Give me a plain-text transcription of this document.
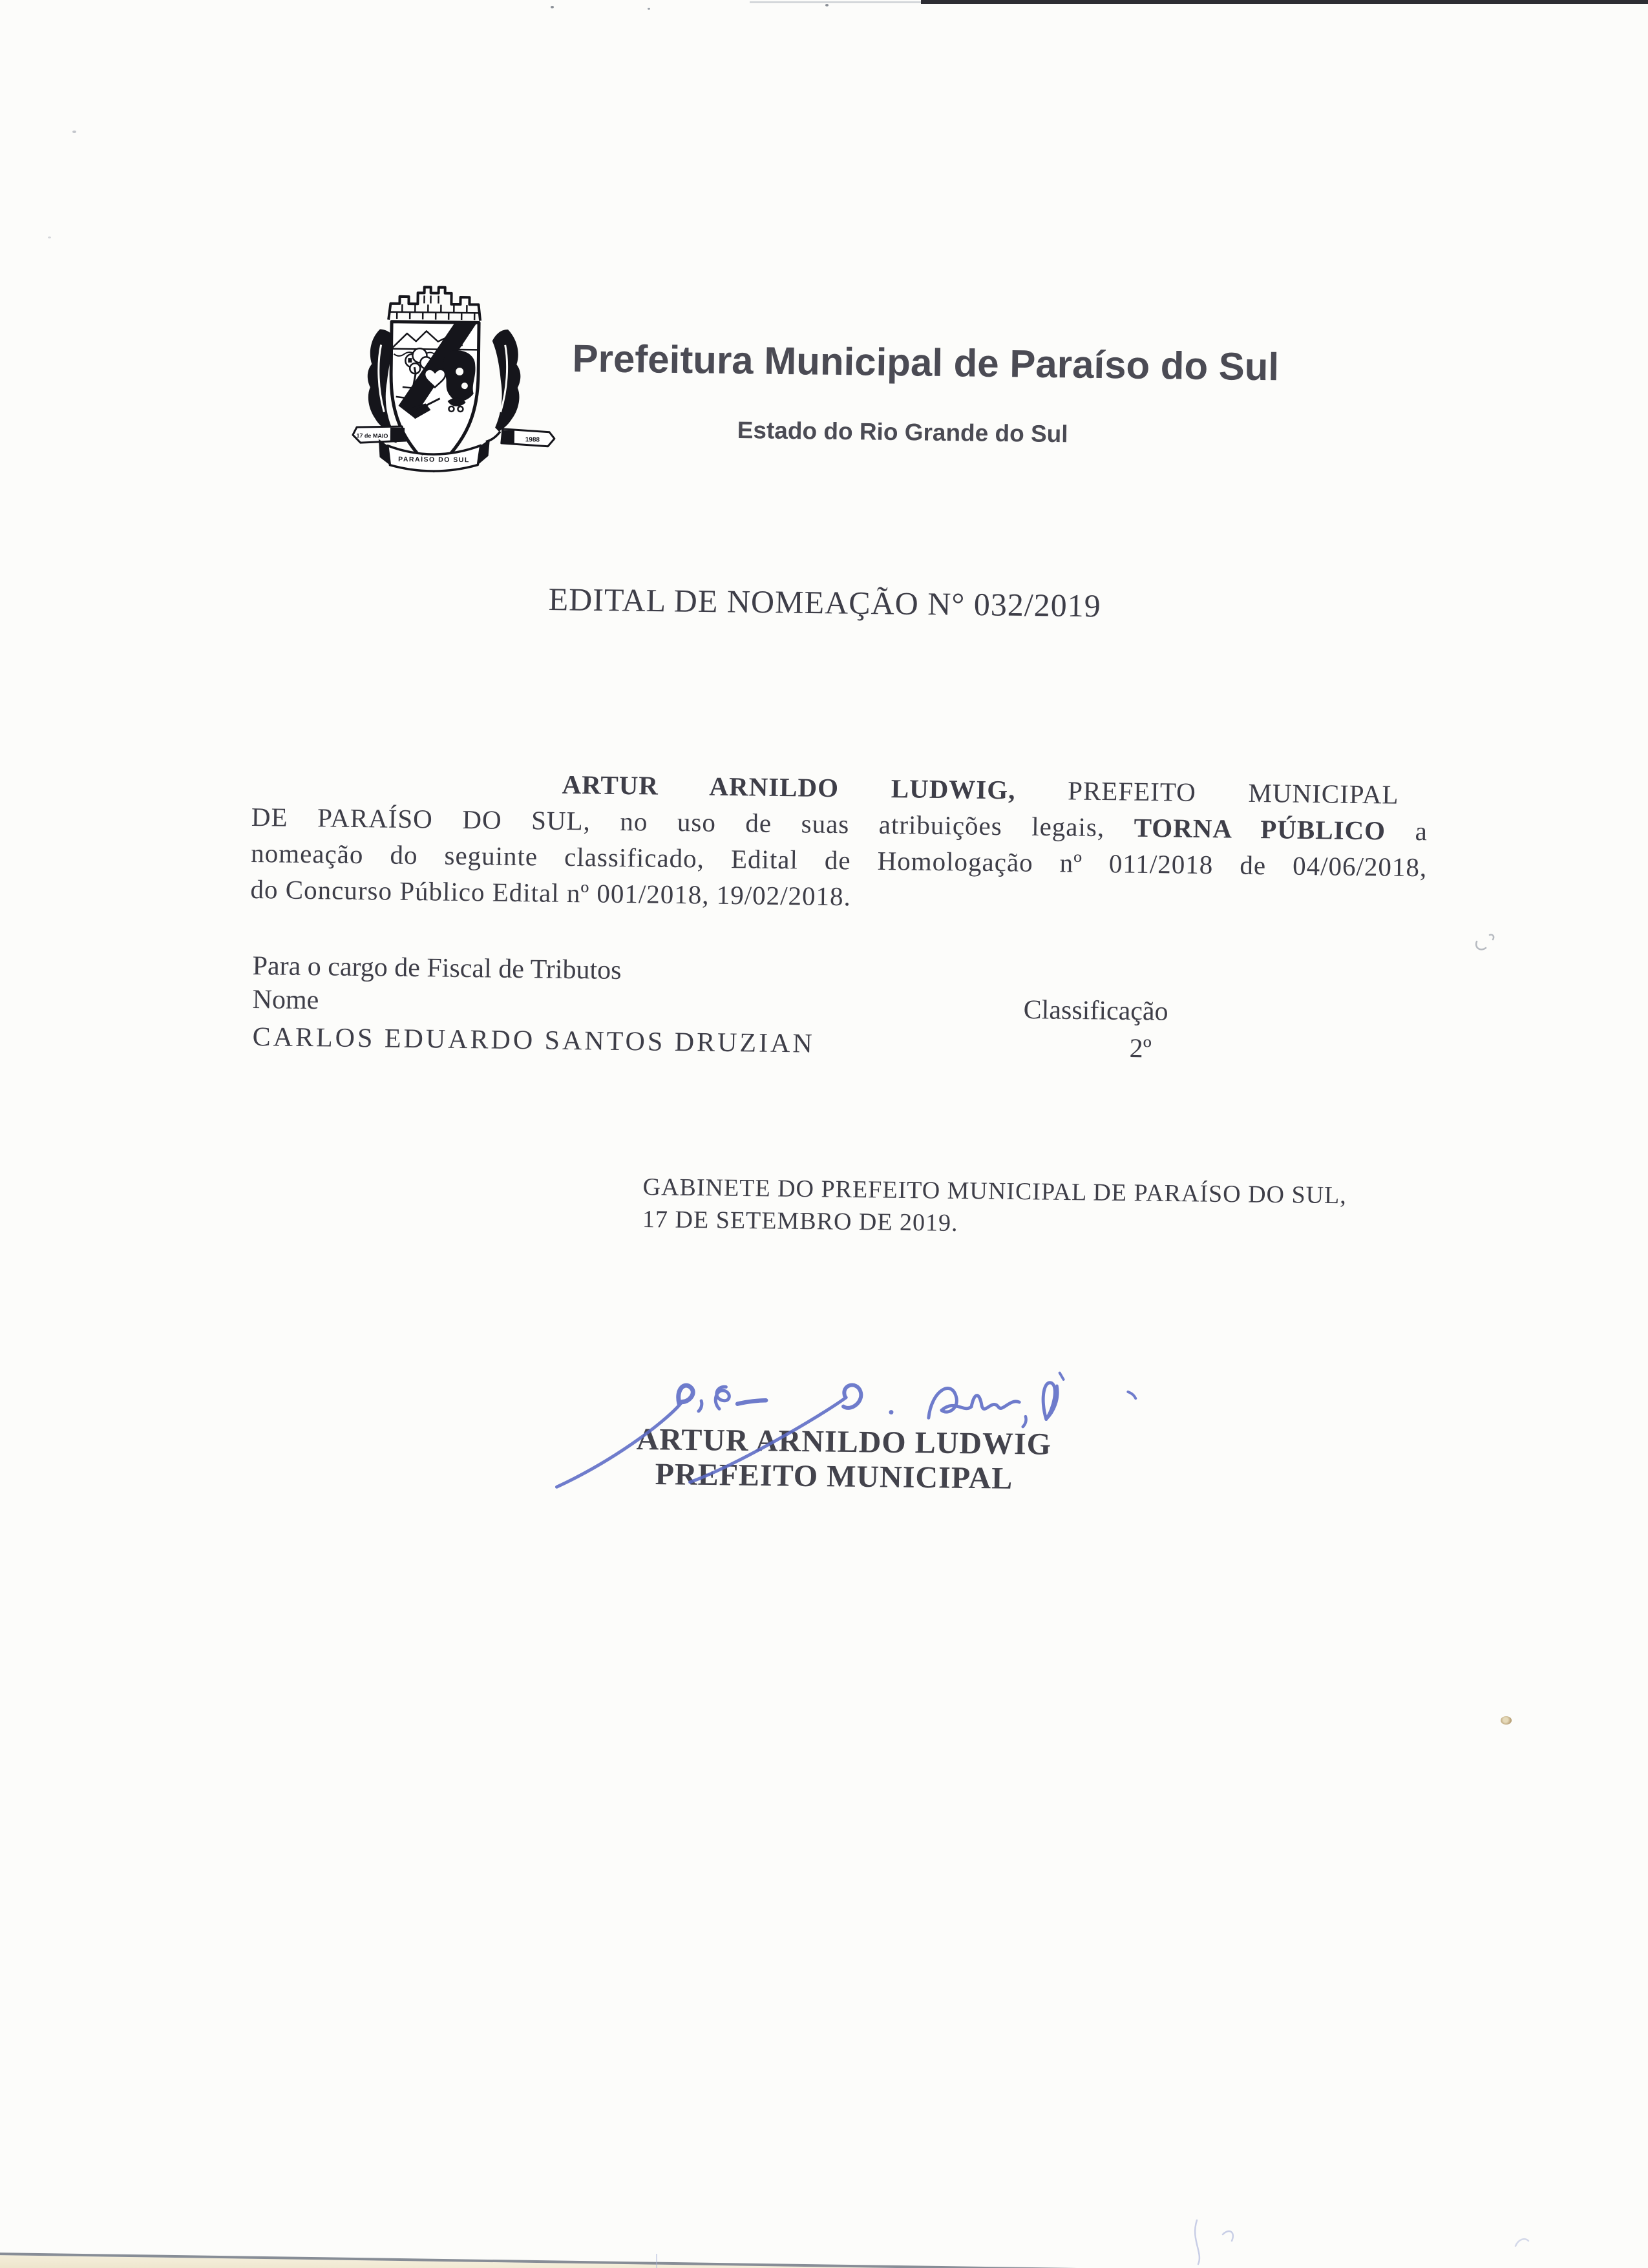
17 de MAIO
1988
PARAÍSO DO SUL
Prefeitura Municipal de Paraíso do Sul
Estado do Rio Grande do Sul
EDITAL DE NOMEAÇÃO N° 032/2019
ARTUR ARNILDO LUDWIG, PREFEITO MUNICIPAL
DE PARAÍSO DO SUL, no uso de suas atribuições legais, TORNA PÚBLICO a
nomeação do seguinte classificado, Edital de Homologação nº 011/2018 de 04/06/2018,
do Concurso Público Edital nº 001/2018, 19/02/2018.
Para o cargo de Fiscal de Tributos
Nome	Classificação
CARLOS EDUARDO SANTOS DRUZIAN	2º
GABINETE DO PREFEITO MUNICIPAL DE PARAÍSO DO SUL,
17 DE SETEMBRO DE 2019.
ARTUR ARNILDO LUDWIG
PREFEITO MUNICIPAL
